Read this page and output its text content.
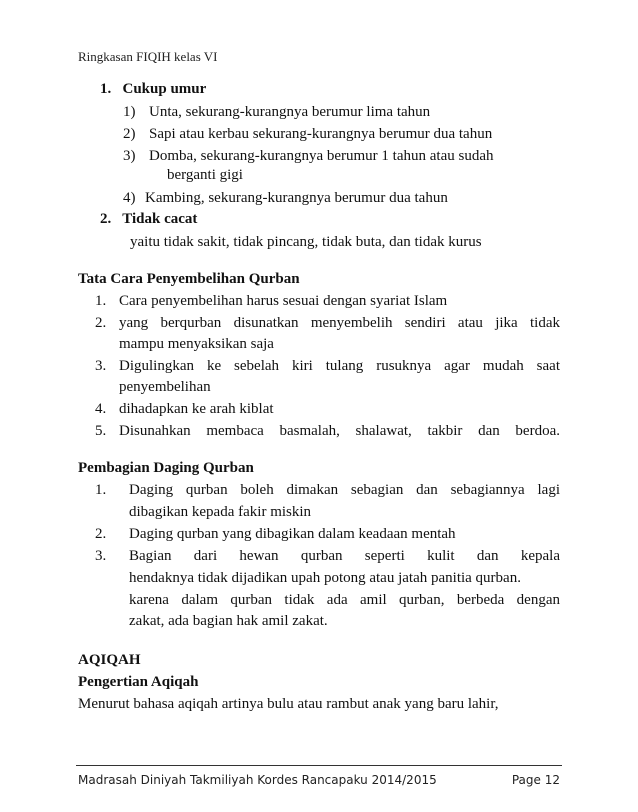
Ringkasan FIQIH kelas VI
1. Cukup umur
1) Unta, sekurang-kurangnya berumur lima tahun
2) Sapi atau kerbau sekurang-kurangnya berumur dua tahun
3) Domba, sekurang-kurangnya berumur 1 tahun atau sudah
berganti gigi
4) Kambing, sekurang-kurangnya berumur dua tahun
2. Tidak cacat
yaitu tidak sakit, tidak pincang, tidak buta, dan tidak kurus
Tata Cara Penyembelihan Qurban
1. Cara penyembelihan harus sesuai dengan syariat Islam
2. yang berqurban disunatkan menyembelih sendiri atau jika tidak
mampu menyaksikan saja
3. Digulingkan ke sebelah kiri tulang rusuknya agar mudah saat
penyembelihan
4. dihadapkan ke arah kiblat
5. Disunahkan membaca basmalah, shalawat, takbir dan berdoa.
Pembagian Daging Qurban
1.	Daging qurban boleh dimakan sebagian dan sebagiannya lagi
dibagikan kepada fakir miskin
2. Daging qurban yang dibagikan dalam keadaan mentah
3.	Bagian dari hewan qurban seperti kulit dan kepala
hendaknya tidak dijadikan upah potong atau jatah panitia qurban.
karena dalam qurban tidak ada amil qurban, berbeda dengan
zakat, ada bagian hak amil zakat.
AQIQAH
Pengertian Aqiqah
Menurut bahasa aqiqah artinya bulu atau rambut anak yang baru lahir,
Madrasah Diniyah Takmiliyah Kordes Rancapaku 2014/2015	Page 12
